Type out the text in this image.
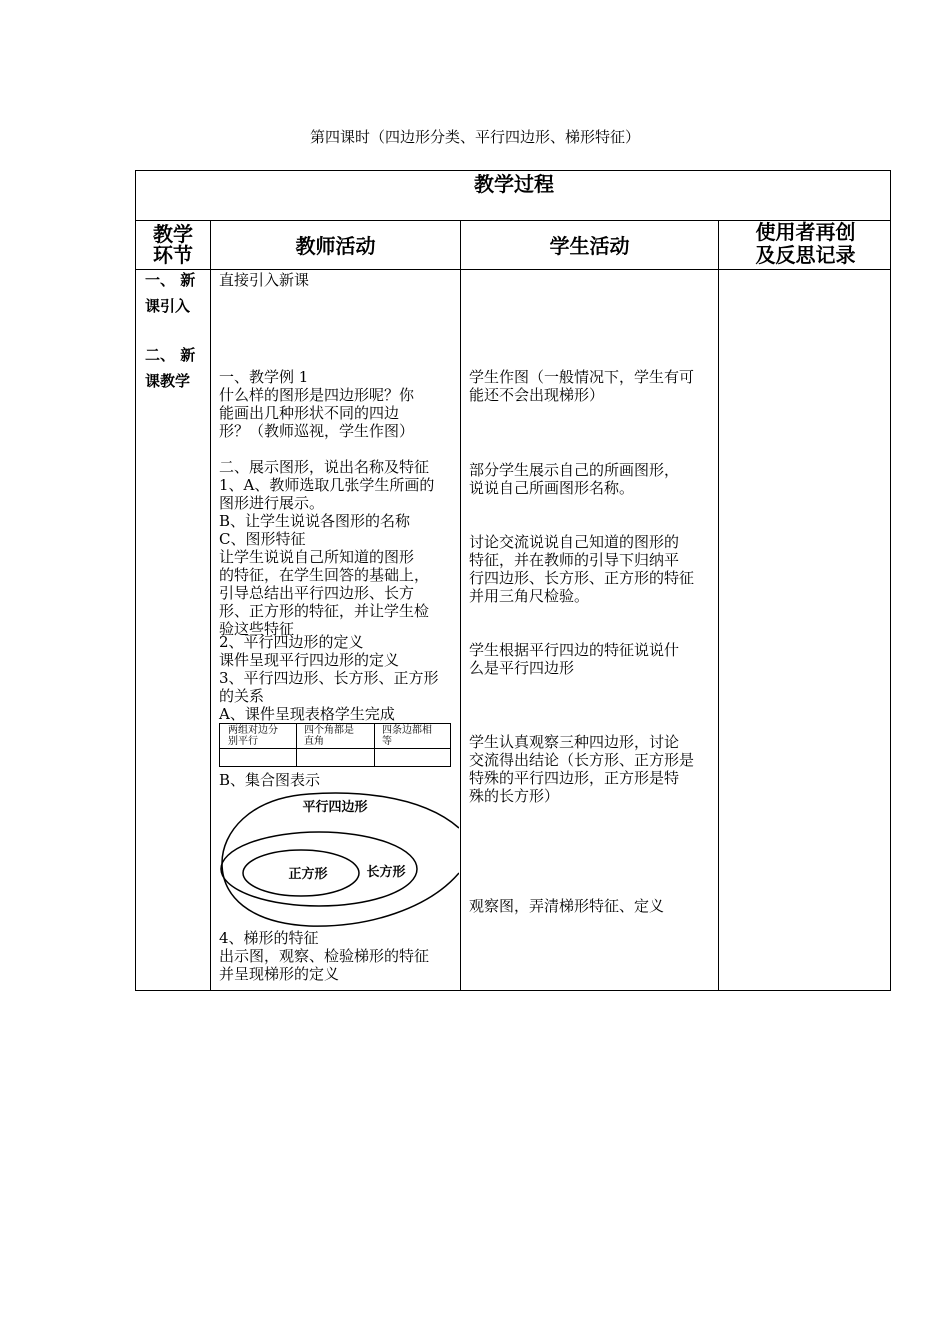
第四课时（四边形分类、平行四边形、梯形特征）
教学过程
教学
环节	教师活动	学生活动
使用者再创
及反思记录
一、 新
课引入
二、 新
课教学
直接引入新课
一、教学例 1
什么样的图形是四边形呢？你
能画出几种形状不同的四边
形？（教师巡视，学生作图）
二、展示图形，说出名称及特征
1、A、教师选取几张学生所画的
图形进行展示。
B、让学生说说各图形的名称
C、图形特征
让学生说说自己所知道的图形
的特征，在学生回答的基础上，
引导总结出平行四边形、长方
形、正方形的特征，并让学生检
验这些特征
2、平行四边形的定义
课件呈现平行四边形的定义
3、平行四边形、长方形、正方形
的关系
A、课件呈现表格学生完成
两组对边分
别平行
四个角都是
直角
四条边都相
等
B、集合图表示
平行四边形
长方形
正方形
4、梯形的特征
出示图，观察、检验梯形的特征
并呈现梯形的定义
学生作图（一般情况下，学生有可
能还不会出现梯形）
部分学生展示自己的所画图形，
说说自己所画图形名称。
讨论交流说说自己知道的图形的
特征，并在教师的引导下归纳平
行四边形、长方形、正方形的特征
并用三角尺检验。
学生根据平行四边的特征说说什
么是平行四边形
学生认真观察三种四边形，讨论
交流得出结论（长方形、正方形是
特殊的平行四边形，正方形是特
殊的长方形）
观察图，弄清梯形特征、定义
